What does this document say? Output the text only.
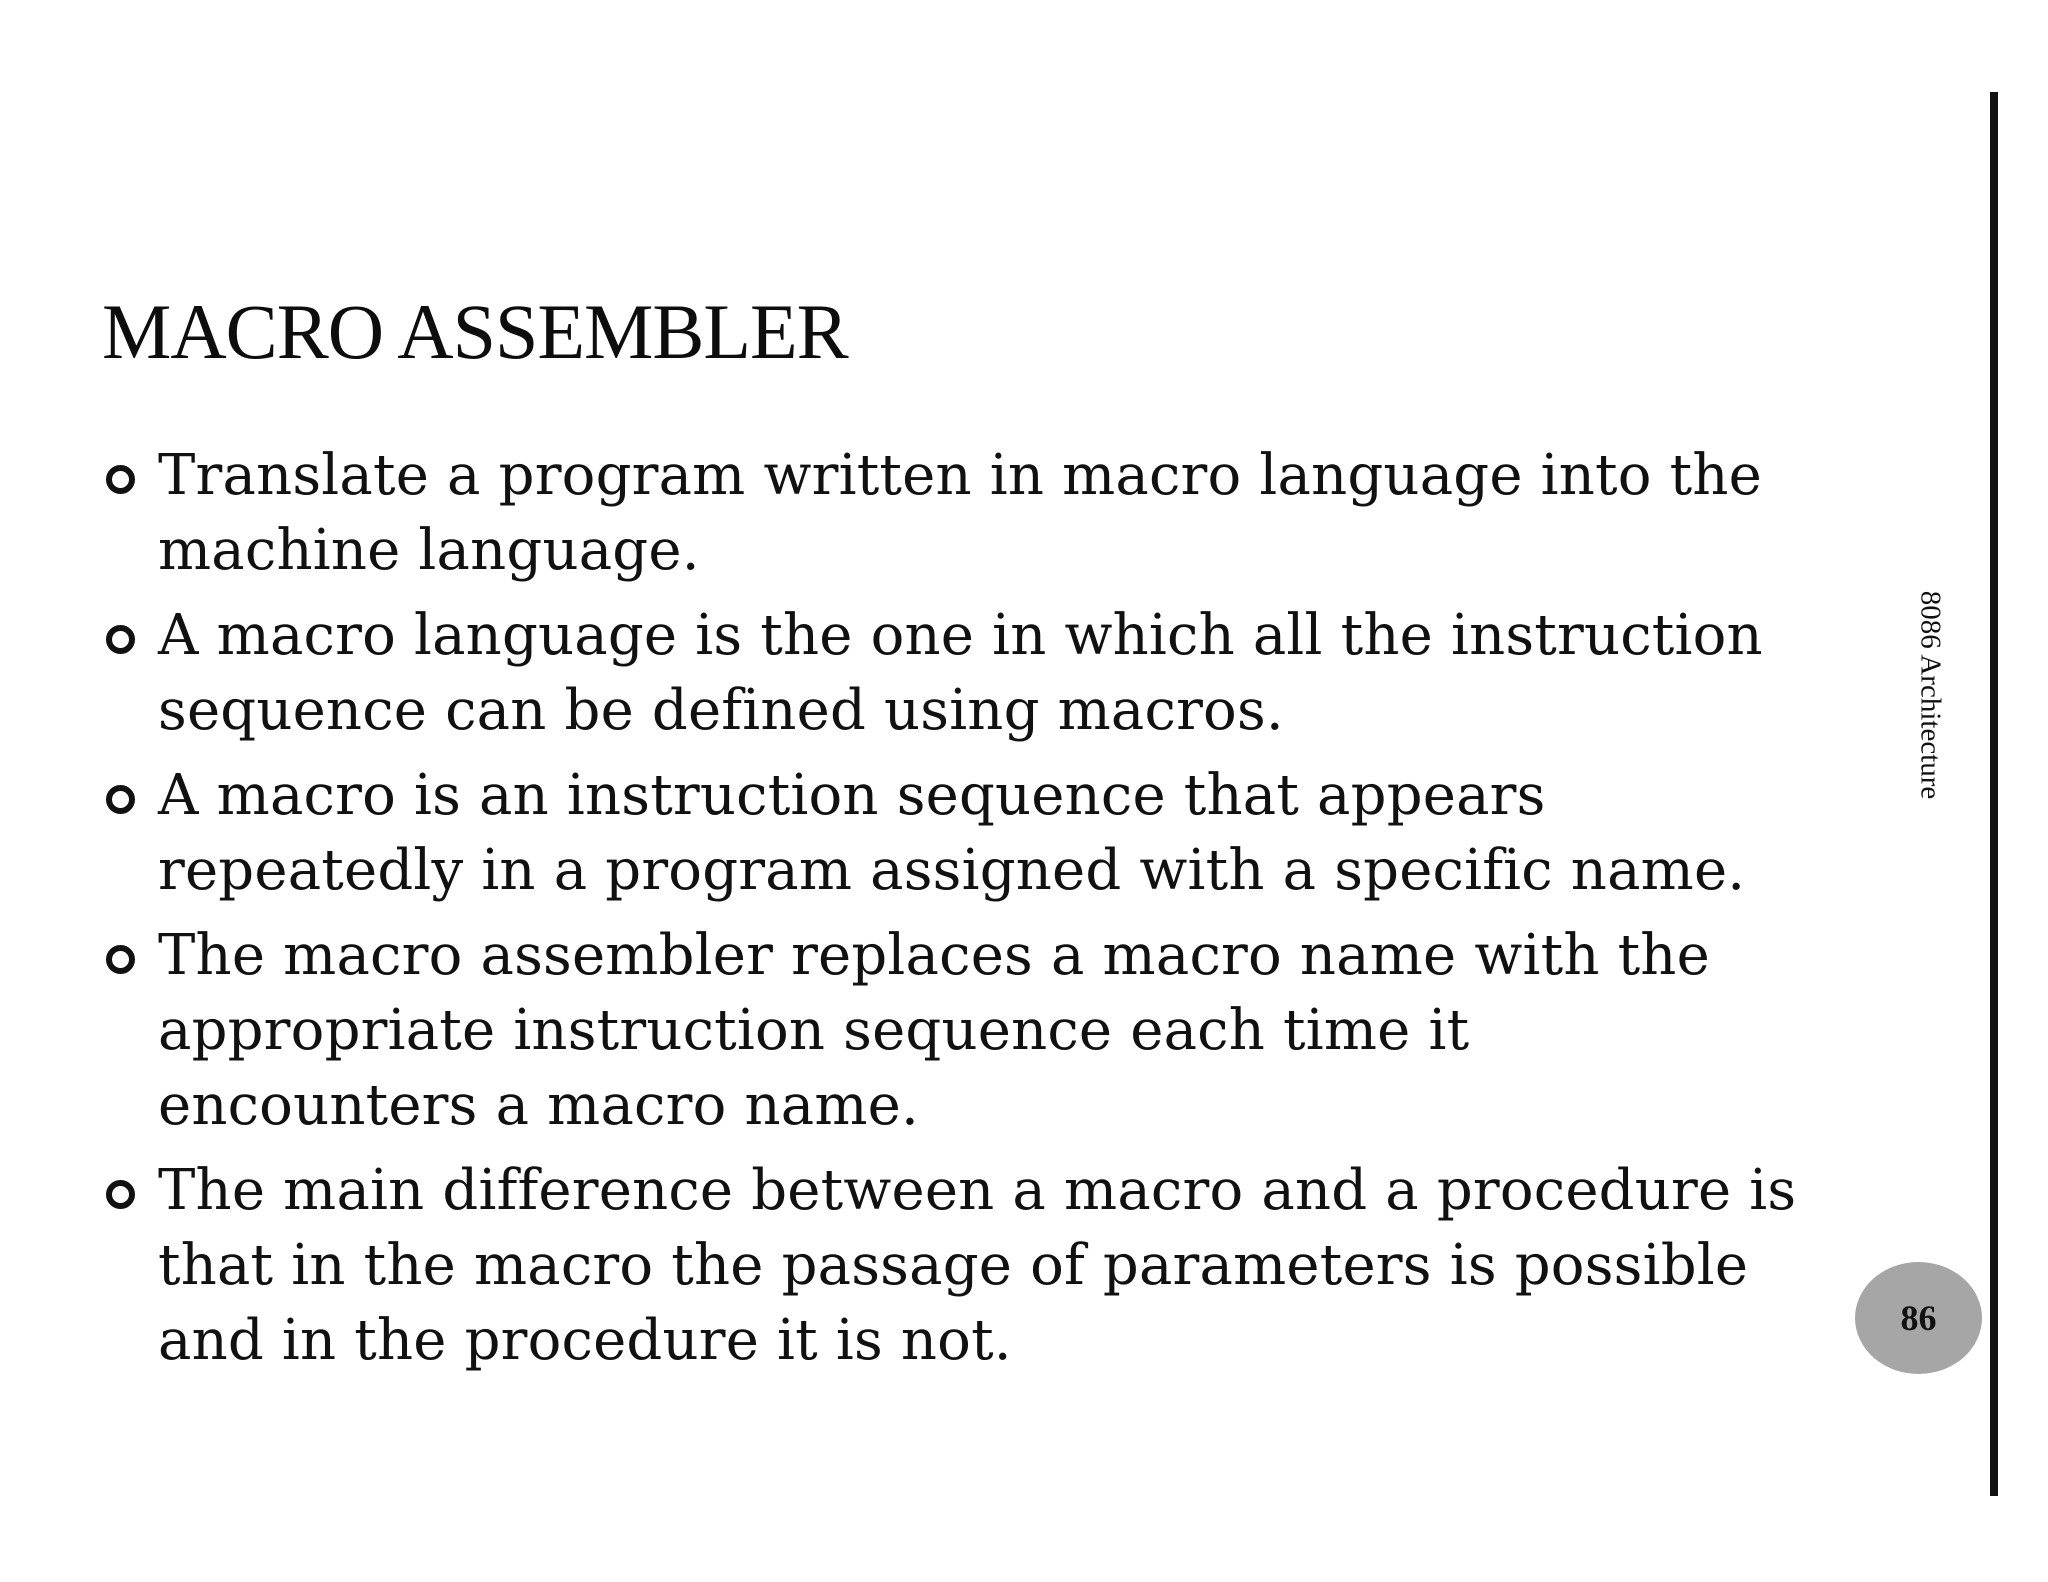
MACRO ASSEMBLER
Translate a program written in macro language into the machine language.
A macro language is the one in which all the instruction sequence can be defined using macros.
A macro is an instruction sequence that appears repeatedly in a program assigned with a specific name.
The macro assembler replaces a macro name with the appropriate instruction sequence each time it encounters a macro name.
The main difference between a macro and a procedure is that in the macro the passage of parameters is possible and in the procedure it is not.
8086 Architecture
86
